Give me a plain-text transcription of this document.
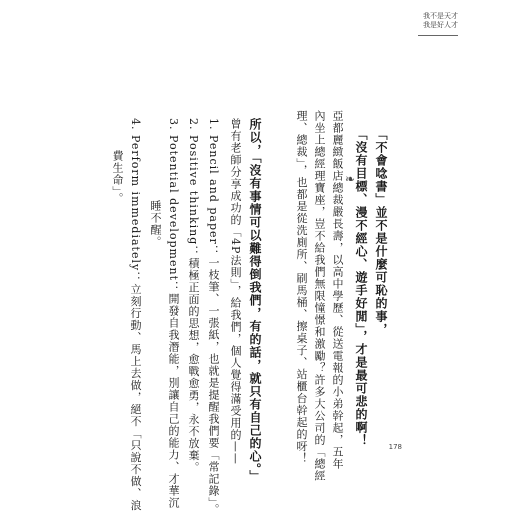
我不是天才
我是好人才
亞都麗緻飯店總裁嚴長壽，以高中學歷、從送電報的小弟幹起，五年
內坐上總經理寶座，豈不給我們無限憧憬和激勵？許多大公司的「總經
理、總裁」，也都是從洗廁所、刷馬桶、擦桌子、站櫃台幹起的呀！	「不會唸書」並不是什麼可恥的事，
「沒有目標、漫不經心、遊手好閒」，才是最可悲的啊！
❧
所以，「沒有事情可以難得倒我們，有的話，就只有自己的心。」
曾有老師分享成功的「4P法則」，給我們，個人覺得滿受用的——
1. Pencil and paper：一枝筆、一張紙，也就是提醒我們要「常記錄」。
2. Positive thinking：積極正面的思想，愈戰愈勇，永不放棄。
3. Potential development：開發自我潛能，別讓自己的能力、才華沉
睡不醒。
4. Perform immediately：立刻行動、馬上去做，絕不「只說不做、浪
費生命」。
178
